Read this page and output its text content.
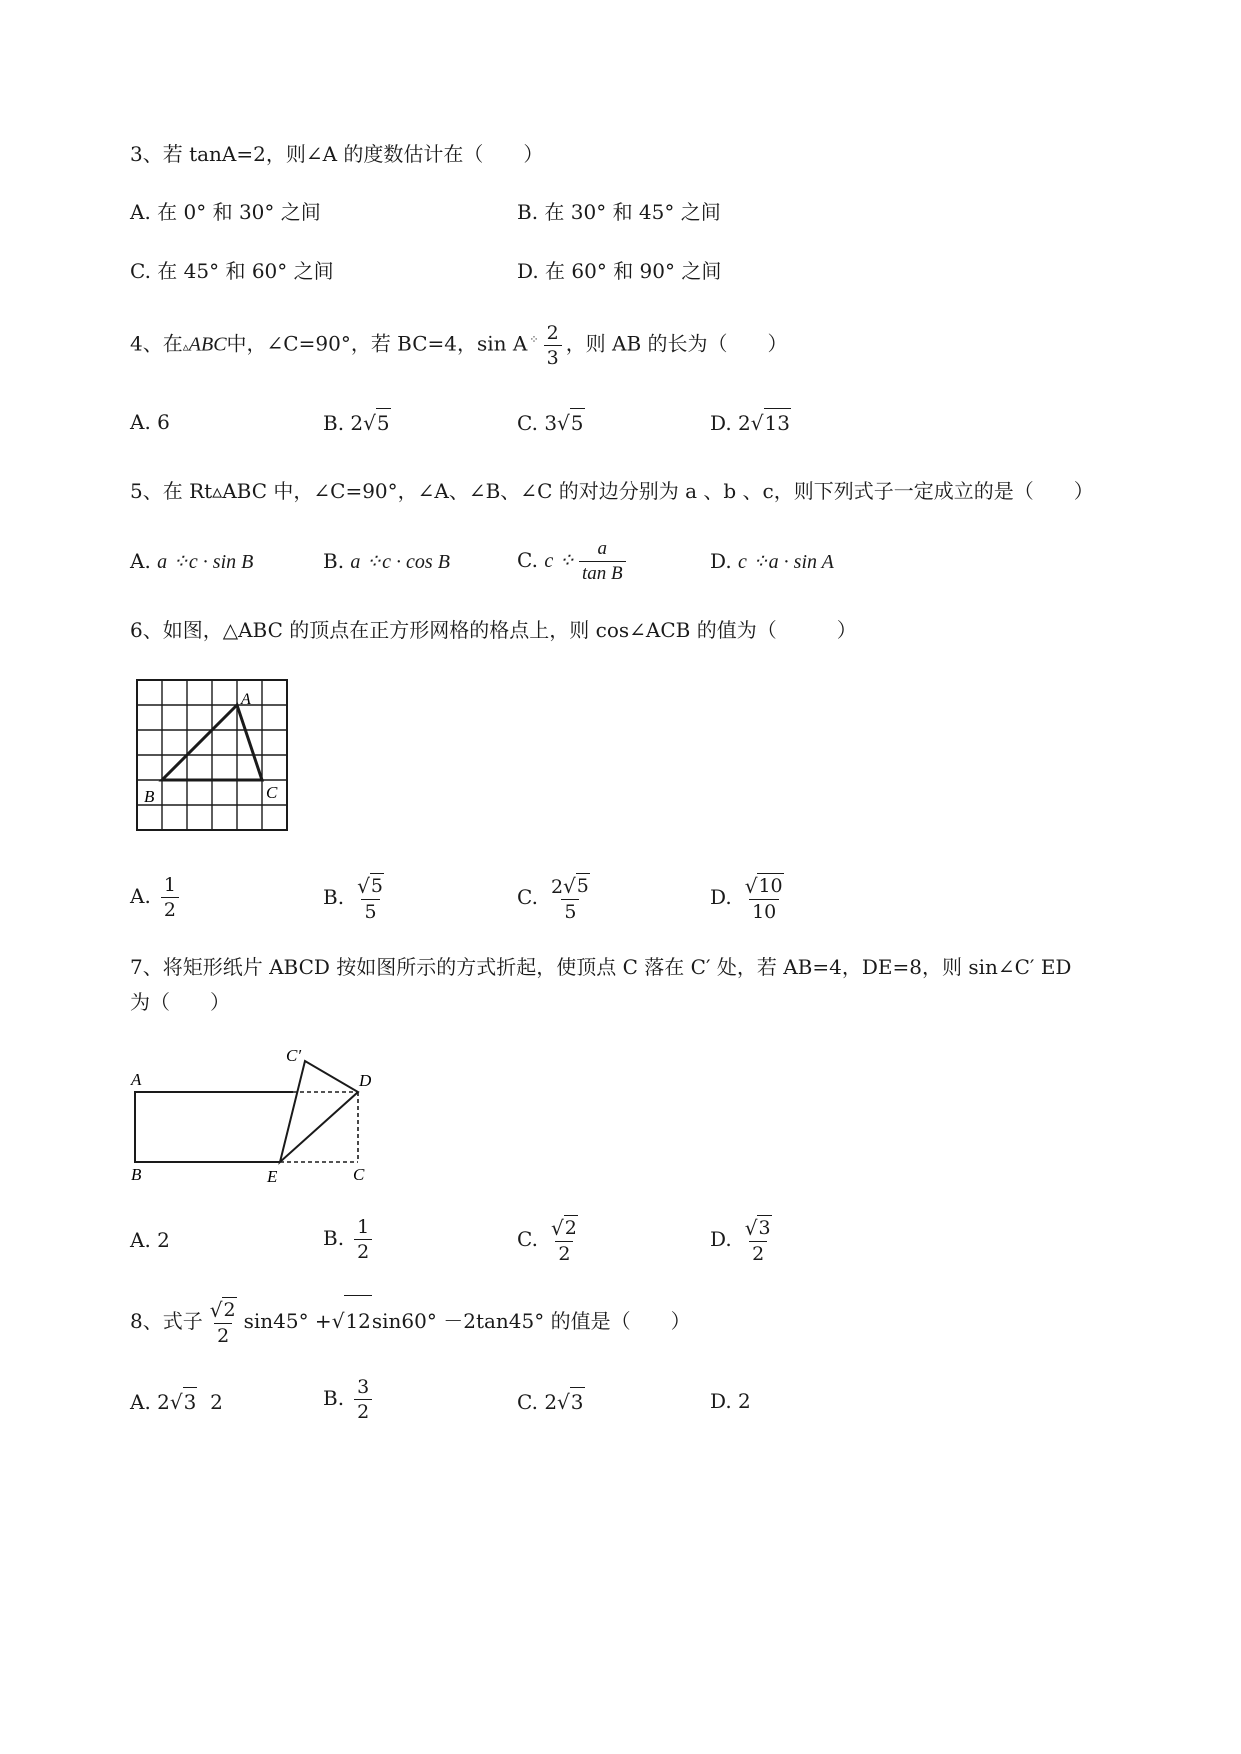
3、若 tanA=2，则∠A 的度数估计在（　　）
A. 在 0° 和 30° 之间	B. 在 30° 和 45° 之间
C. 在 45° 和 60° 之间	D. 在 60° 和 90° 之间
4、在▵ABC中，∠C=90°，若 BC=4，sin A $^⁘ \frac{2}{3}$ ，则 AB 的长为（　　）
A. 6	B. 2 √ 5	C. 3 √ 5	D. 2 √ 13
5、在 Rt▵ABC 中，∠C=90°，∠A、∠B、∠C 的对边分别为 a 、b 、c，则下列式子一定成立的是（　　）
A. a ⁘c · sin B	B. a ⁘c · cos B	C. c ⁘ $\frac{a}{\text{tan B}}$	D. c ⁘a · sin A
6、如图，△ABC 的顶点在正方形网格的格点上，则 cos∠ACB 的值为（　　　）
A
B	C
A. $\frac{1}{2}$	B. $\frac{√ 5}{5}$	C. $\frac{2 √ 5}{5}$	D. $\frac{√ 10}{10}$
7、将矩形纸片 ABCD 按如图所示的方式折起，使顶点 C 落在 C′ 处，若 AB=4，DE=8，则 sin∠C′ ED
为（　　）
A
B	C
D
E
C′
A. 2	B. $\frac{1}{2}$	C. $\frac{√ 2}{2}$	D. $\frac{√ 3}{2}$
8、式子 $\frac{√ 2}{2} \sin 45^\circ$ + √ 12 sin60° －2tan45° 的值是（　　）
A. 2 √ 3 2	B. $\frac{3}{2}$	C. 2 √ 3	D. 2
